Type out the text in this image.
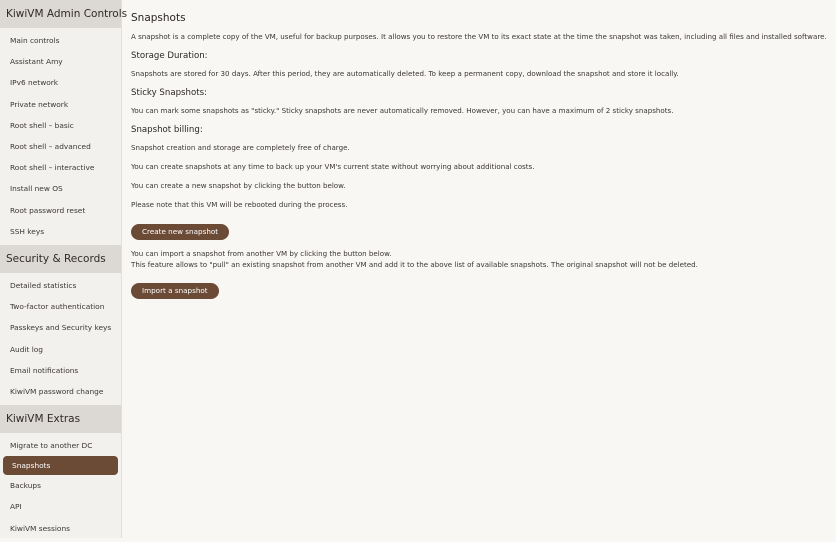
KiwiVM Admin Controls
Main controls
Assistant Amy
IPv6 network
Private network
Root shell – basic
Root shell – advanced
Root shell – interactive
Install new OS
Root password reset
SSH keys
Security & Records
Detailed statistics
Two-factor authentication
Passkeys and Security keys
Audit log
Email notifications
KiwiVM password change
KiwiVM Extras
Migrate to another DC
Snapshots
Backups
API
KiwiVM sessions
Snapshots

A snapshot is a complete copy of the VM, useful for backup purposes. It allows you to restore the VM to its exact state at the time the snapshot was taken, including all files and installed software.

Storage Duration:

Snapshots are stored for 30 days. After this period, they are automatically deleted. To keep a permanent copy, download the snapshot and store it locally.

Sticky Snapshots:

You can mark some snapshots as "sticky." Sticky snapshots are never automatically removed. However, you can have a maximum of 2 sticky snapshots.

Snapshot billing:

Snapshot creation and storage are completely free of charge.

You can create snapshots at any time to back up your VM's current state without worrying about additional costs.

You can create a new snapshot by clicking the button below.

Please note that this VM will be rebooted during the process.

Create new snapshot

You can import a snapshot from another VM by clicking the button below.

This feature allows to "pull" an existing snapshot from another VM and add it to the above list of available snapshots. The original snapshot will not be deleted.

Import a snapshot
